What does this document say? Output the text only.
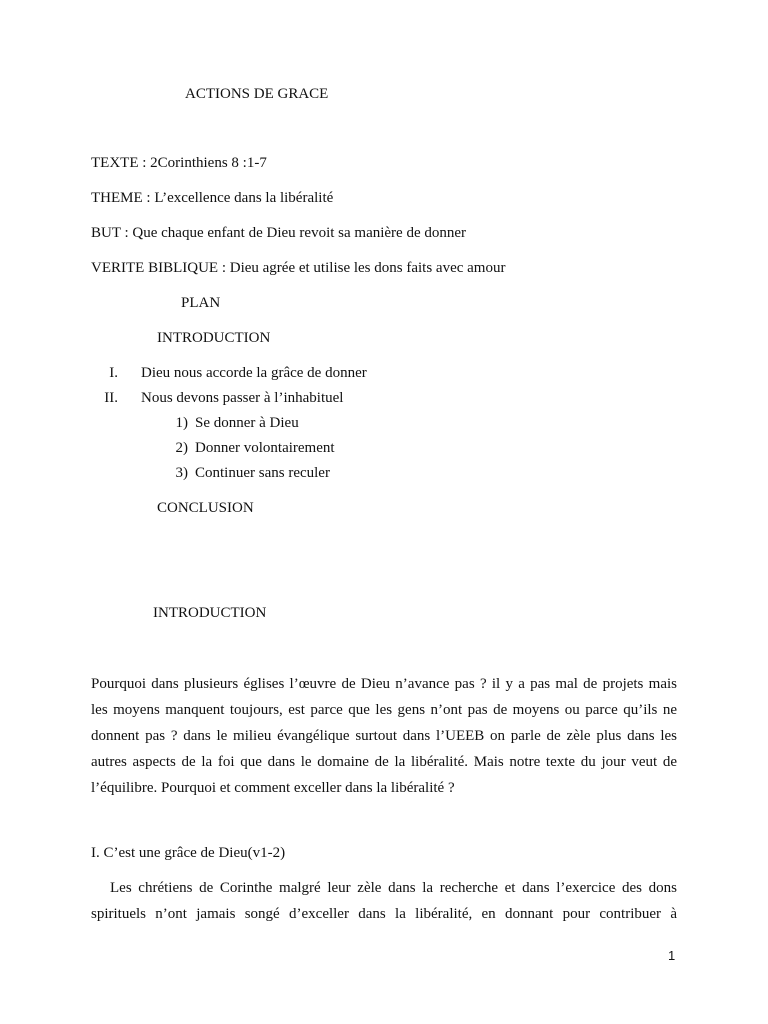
ACTIONS DE GRACE
TEXTE : 2Corinthiens 8 :1-7
THEME : L’excellence dans la libéralité
BUT : Que chaque enfant de Dieu revoit sa manière de donner
VERITE BIBLIQUE : Dieu agrée et utilise les dons faits avec amour
PLAN
INTRODUCTION
I. Dieu nous accorde la grâce de donner
II. Nous devons passer à l’inhabituel
1) Se donner à Dieu
2) Donner volontairement
3) Continuer sans reculer
CONCLUSION
INTRODUCTION
Pourquoi dans plusieurs églises l’œuvre de Dieu n’avance pas ? il y a pas mal de projets mais
les moyens manquent toujours, est parce que les gens n’ont pas de moyens ou parce qu’ils ne
donnent pas ? dans le milieu évangélique surtout dans l’UEEB on parle de zèle plus dans les
autres aspects de la foi que dans le domaine de la libéralité. Mais notre texte du jour veut de
l’équilibre. Pourquoi et comment exceller dans la libéralité ?
I. C’est une grâce de Dieu(v1-2)
Les chrétiens de Corinthe malgré leur zèle dans la recherche et dans l’exercice des dons
spirituels n’ont jamais songé d’exceller dans la libéralité, en donnant pour contribuer à
1
